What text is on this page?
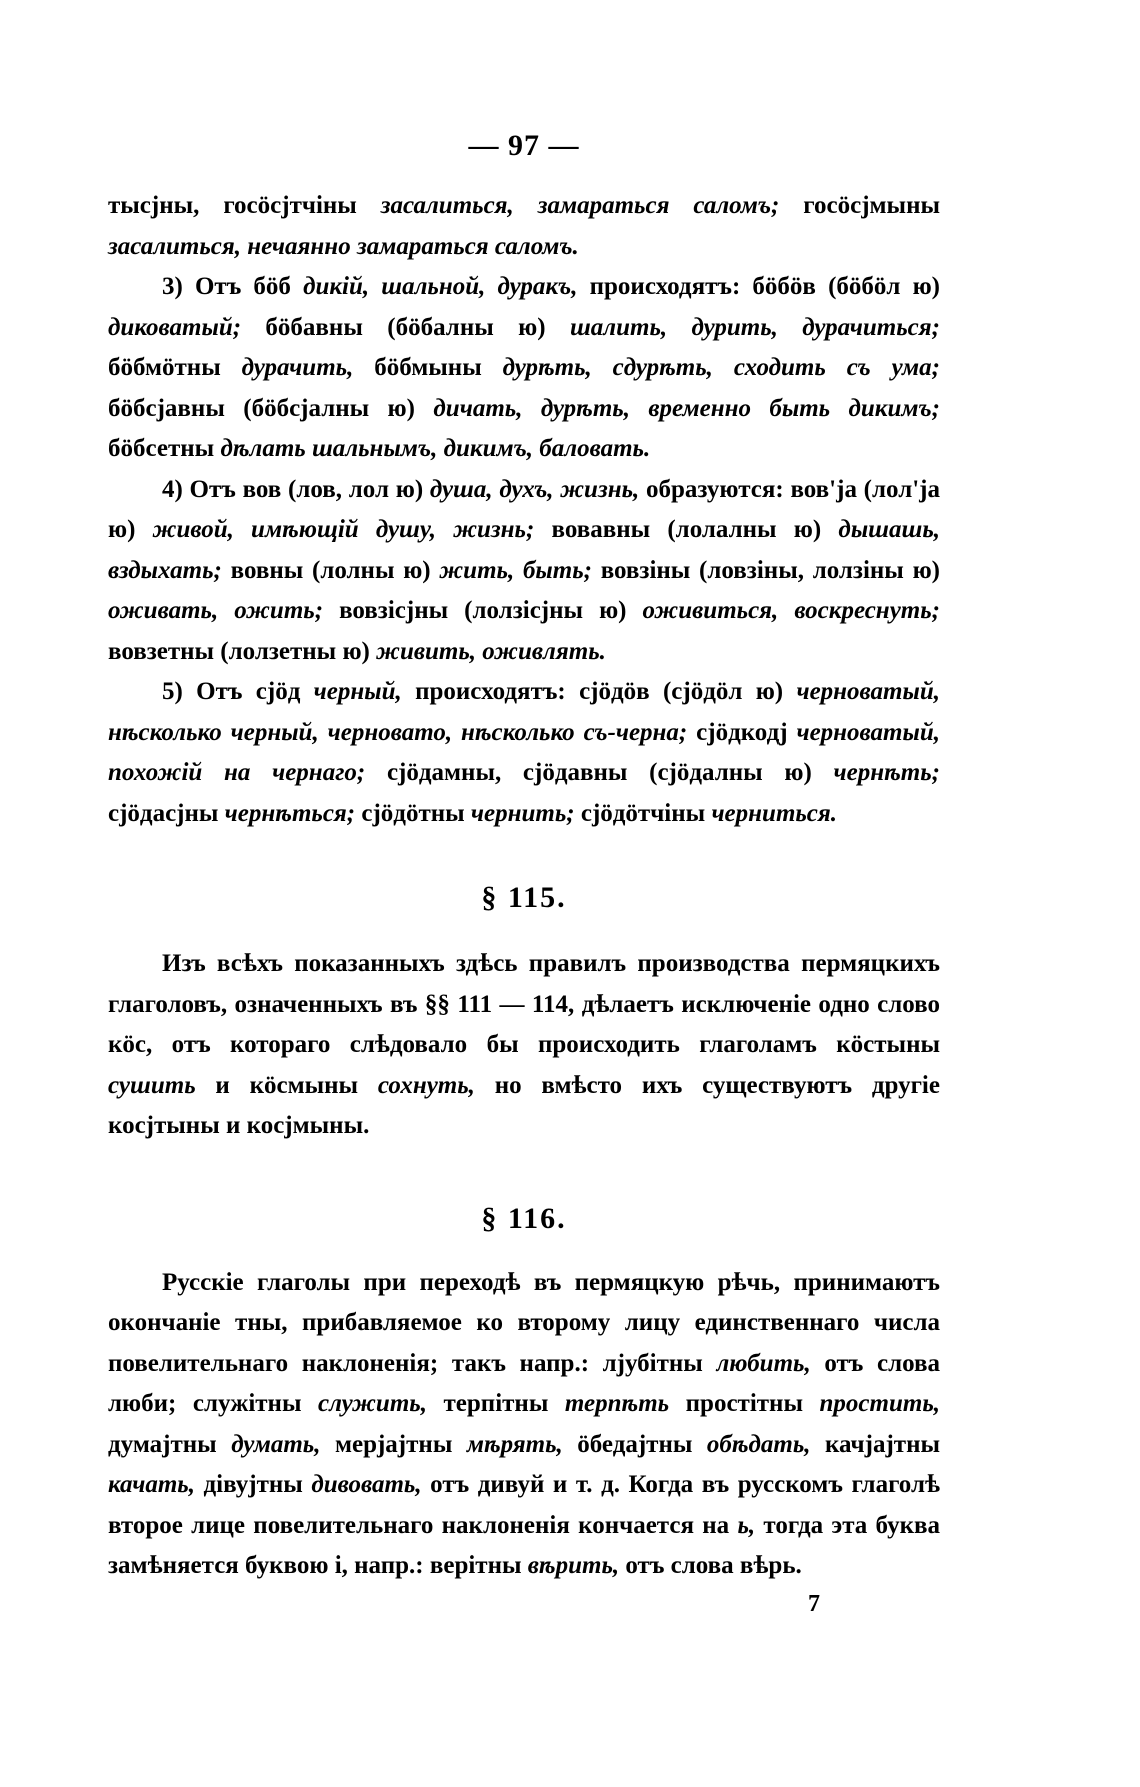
— 97 —

тысјны, госöсјтчіны засалиться, замараться саломъ; госöсјмыны засалиться, нечаянно замараться саломъ.

3) Отъ бöб дикій, шальной, дуракъ, происходятъ: бöбöв (бöбöл ю) диковатый; бöбавны (бöбалны ю) шалить, дурить, дурачиться; бöбмöтны дурачить, бöбмыны дурѣть, сдурѣть, сходить съ ума; бöбсјавны (бöбсјалны ю) дичать, дурѣть, временно быть дикимъ; бöбсетны дѣлать шальнымъ, дикимъ, баловать.

4) Отъ вов (лов, лол ю) душа, духъ, жизнь, образуются: вов'ја (лол'ја ю) живой, имѣющій душу, жизнь; вовавны (лолалны ю) дышашь, вздыхать; вовны (лолны ю) жить, быть; вовзіны (ловзіны, лолзіны ю) оживать, ожить; вовзісјны (лолзісјны ю) оживиться, воскреснуть; вовзетны (лолзетны ю) живить, оживлять.

5) Отъ сјöд черный, происходятъ: сјöдöв (сјöдöл ю) черноватый, нѣсколько черный, черновато, нѣсколько съ-черна; сјöдкодј черноватый, похожій на чернаго; сјöдамны, сјöдавны (сјöдалны ю) чернѣть; сјöдасјны чернѣться; сјöдöтны чернить; сјöдöтчіны черниться.

§ 115.

Изъ всѣхъ показанныхъ здѣсь правилъ производства пермяцкихъ глаголовъ, означенныхъ въ §§ 111 — 114, дѣлаетъ исключеніе одно слово кöс, отъ котораго слѣдовало бы происходить глаголамъ кöстыны сушить и кöсмыны сохнуть, но вмѣсто ихъ существуютъ другіе косјтыны и косјмыны.

§ 116.

Русскіе глаголы при переходѣ въ пермяцкую рѣчь, принимаютъ окончаніе тны, прибавляемое ко второму лицу единственнаго числа повелительнаго наклоненія; такъ напр.: лјубітны любить, отъ слова люби; служітны служить, терпітны терпѣть простітны простить, думајтны думать, мерјајтны мѣрять, öбедајтны обѣдать, качјајтны качать, дівујтны дивовать, отъ дивуй и т. д. Когда въ русскомъ глаголѣ второе лице повелительнаго наклоненія кончается на ь, тогда эта буква замѣняется буквою і, напр.: верітны вѣрить, отъ слова вѣрь.

7
